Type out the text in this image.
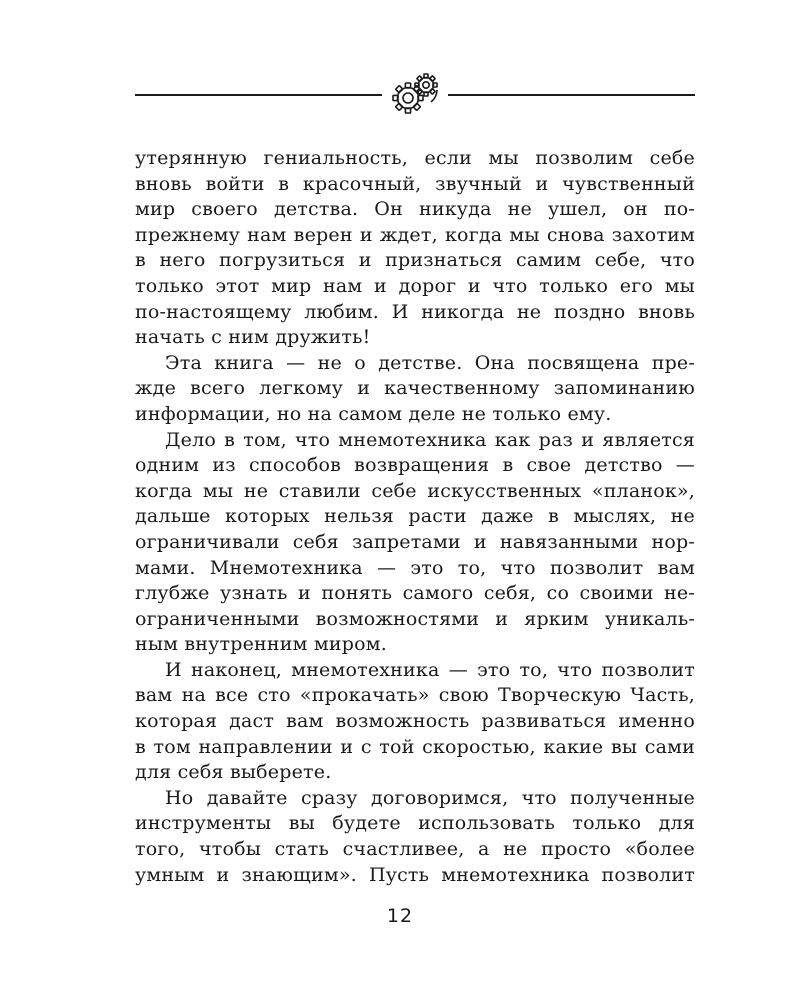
утерянную гениальность, если мы позволим себе
вновь войти в красочный, звучный и чувственный
мир своего детства. Он никуда не ушел, он по-
прежнему нам верен и ждет, когда мы снова захотим
в него погрузиться и признаться самим себе, что
только этот мир нам и дорог и что только его мы
по-настоящему любим. И никогда не поздно вновь
начать с ним дружить!
Эта книга — не о детстве. Она посвящена пре-
жде всего легкому и качественному запоминанию
информации, но на самом деле не только ему.
Дело в том, что мнемотехника как раз и является
одним из способов возвращения в свое детство —
когда мы не ставили себе искусственных «планок»,
дальше которых нельзя расти даже в мыслях, не
ограничивали себя запретами и навязанными нор-
мами. Мнемотехника — это то, что позволит вам
глубже узнать и понять самого себя, со своими не-
ограниченными возможностями и ярким уникаль-
ным внутренним миром.
И наконец, мнемотехника — это то, что позволит
вам на все сто «прокачать» свою Творческую Часть,
которая даст вам возможность развиваться именно
в том направлении и с той скоростью, какие вы сами
для себя выберете.
Но давайте сразу договоримся, что полученные
инструменты вы будете использовать только для
того, чтобы стать счастливее, а не просто «более
умным и знающим». Пусть мнемотехника позволит
12
